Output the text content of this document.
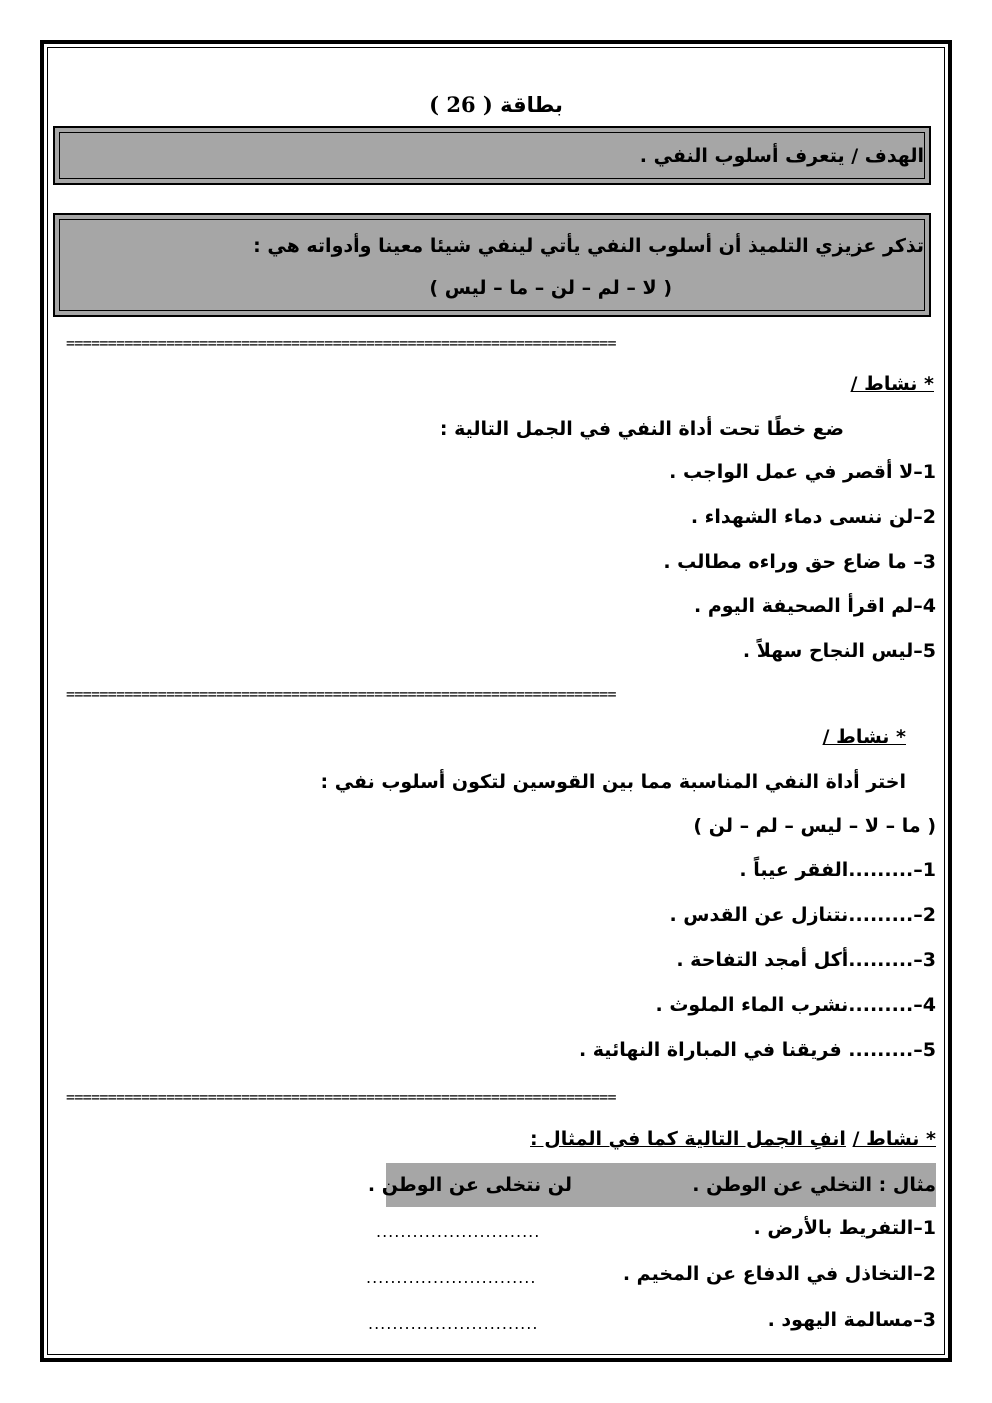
بطاقة ( 26 )
الهدف / يتعرف أسلوب النفي .
تذكر عزيزي التلميذ أن أسلوب النفي يأتي لينفي شيئا معينا وأدواته هي :
( لا – لم – لن – ما – ليس )
==================================================================
* نشاط /
ضع خطًا تحت أداة النفي في الجمل التالية :
1–لا أقصر في عمل الواجب .
2–لن ننسى دماء الشهداء .
3– ما ضاع حق وراءه مطالب .
4–لم اقرأ الصحيفة اليوم .
5–ليس النجاح سهلاً .
==================================================================
* نشاط /
اختر أداة النفي المناسبة مما بين القوسين لتكون أسلوب نفي :
( ما – لا – ليس – لم – لن )
1–.........الفقر عيباً .
2–.........نتنازل عن القدس .
3–.........أكل أمجد التفاحة .
4–.........نشرب الماء الملوث .
5–......... فريقنا في المباراة النهائية .
==================================================================
* نشاط / انفِ الجمل التالية كما في المثال :
مثال : التخلي عن الوطن .
لن نتخلى عن الوطن .
1–التفريط بالأرض .
...........................
2–التخاذل في الدفاع عن المخيم .
............................
3–مسالمة اليهود .
............................
